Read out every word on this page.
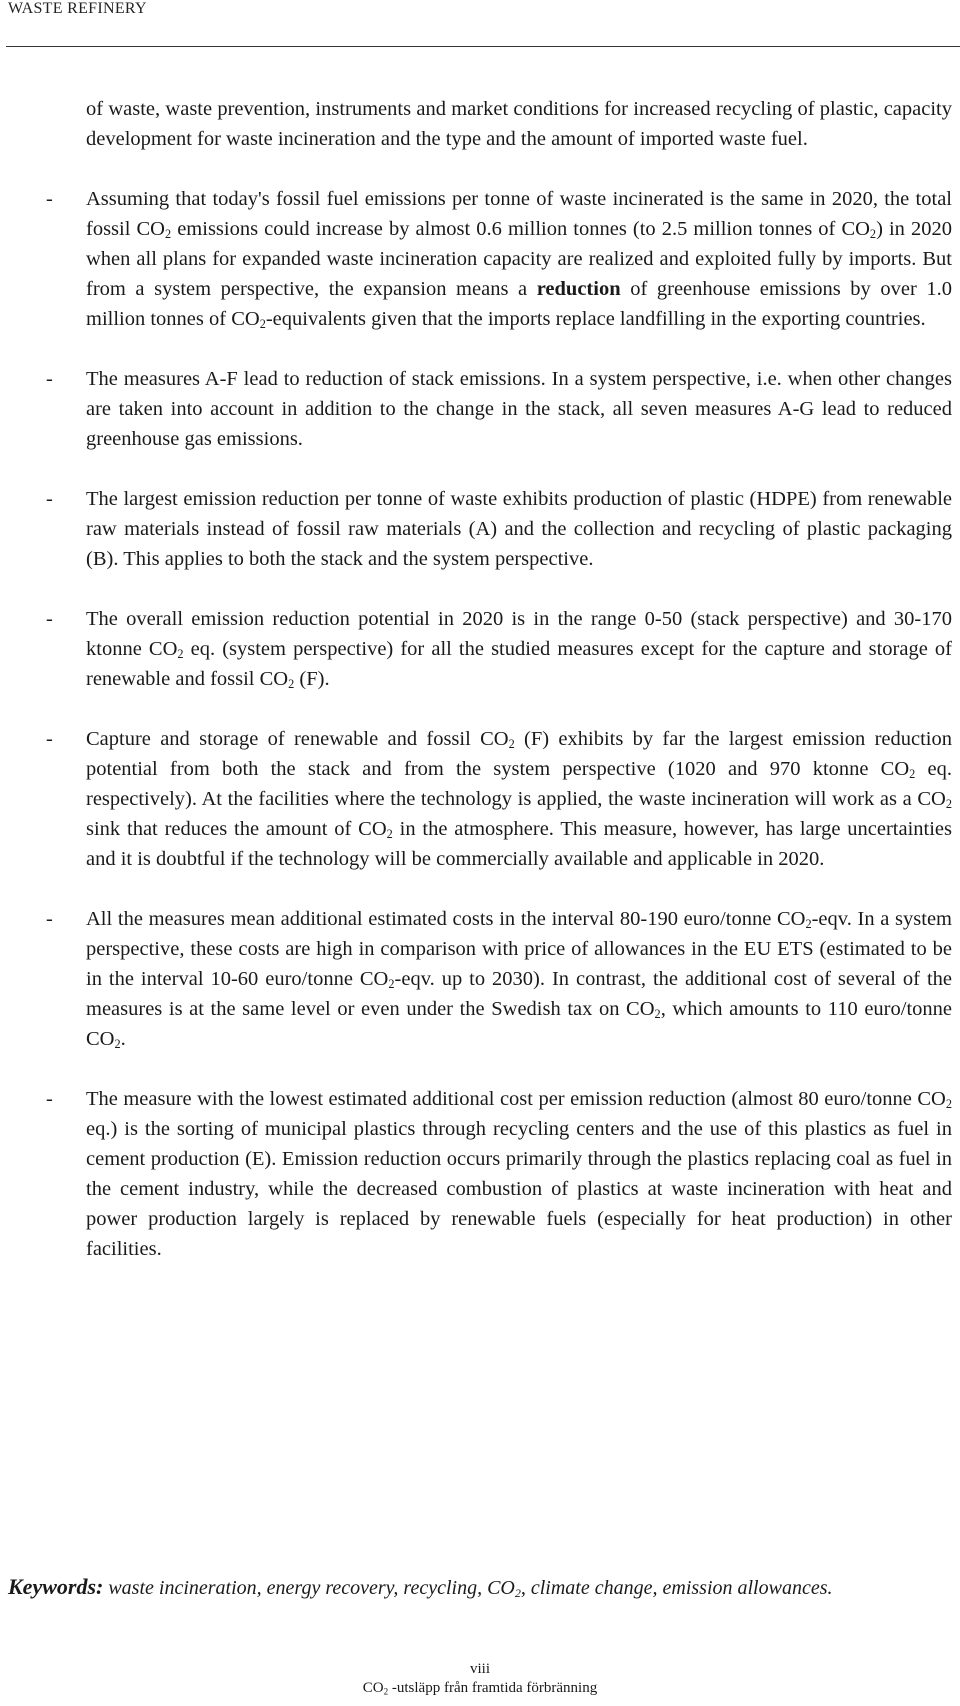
WASTE REFINERY

of waste, waste prevention, instruments and market conditions for increased recycling of plastic, capacity development for waste incineration and the type and the amount of imported waste fuel.

- Assuming that today's fossil fuel emissions per tonne of waste incinerated is the same in 2020, the total fossil $CO_2$ emissions could increase by almost 0.6 million tonnes (to 2.5 million tonnes of $CO_2$) in 2020 when all plans for expanded waste incineration capacity are realized and exploited fully by imports. But from a system perspective, the expansion means a reduction of greenhouse emissions by over 1.0 million tonnes of $CO_2$-equivalents given that the imports replace landfilling in the exporting countries.
- The measures A-F lead to reduction of stack emissions. In a system perspective, i.e. when other changes are taken into account in addition to the change in the stack, all seven measures A-G lead to reduced greenhouse gas emissions.
- The largest emission reduction per tonne of waste exhibits production of plastic (HDPE) from renewable raw materials instead of fossil raw materials (A) and the collection and recycling of plastic packaging (B). This applies to both the stack and the system perspective.
- The overall emission reduction potential in 2020 is in the range 0-50 (stack perspective) and 30-170 ktonne $CO_2$ eq. (system perspective) for all the studied measures except for the capture and storage of renewable and fossil $CO_2$ (F).
- Capture and storage of renewable and fossil $CO_2$ (F) exhibits by far the largest emission reduction potential from both the stack and from the system perspective (1020 and 970 ktonne $CO_2$ eq. respectively). At the facilities where the technology is applied, the waste incineration will work as a $CO_2$ sink that reduces the amount of $CO_2$ in the atmosphere. This measure, however, has large uncertainties and it is doubtful if the technology will be commercially available and applicable in 2020.
- All the measures mean additional estimated costs in the interval 80-190 euro/tonne $CO_2$-eqv. In a system perspective, these costs are high in comparison with price of allowances in the EU ETS (estimated to be in the interval 10-60 euro/tonne $CO_2$-eqv. up to 2030). In contrast, the additional cost of several of the measures is at the same level or even under the Swedish tax on $CO_2$, which amounts to 110 euro/tonne $CO_2$.
- The measure with the lowest estimated additional cost per emission reduction (almost 80 euro/tonne $CO_2$ eq.) is the sorting of municipal plastics through recycling centers and the use of this plastics as fuel in cement production (E). Emission reduction occurs primarily through the plastics replacing coal as fuel in the cement industry, while the decreased combustion of plastics at waste incineration with heat and power production largely is replaced by renewable fuels (especially for heat production) in other facilities.
Keywords: waste incineration, energy recovery, recycling, $CO_2$, climate change, emission allowances.
viii
$CO_2$ -utsläpp från framtida förbränning
